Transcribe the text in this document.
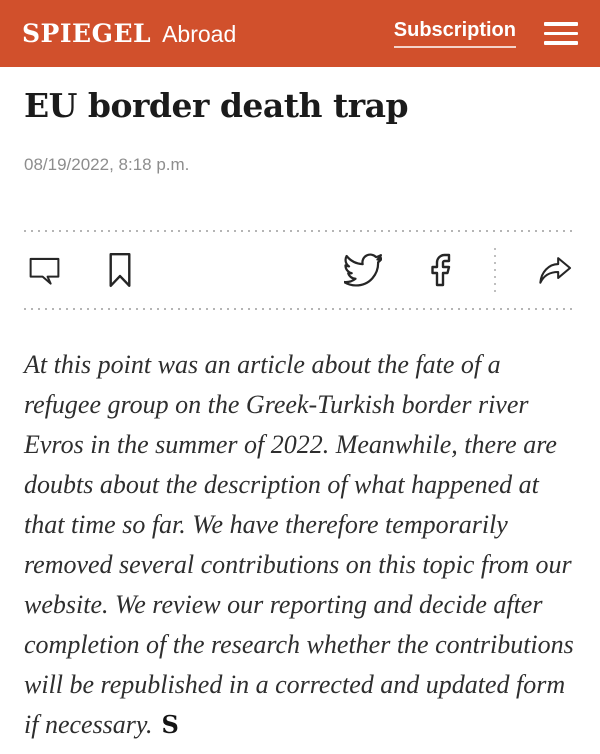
SPIEGEL Abroad	Subscription
EU border death trap
08/19/2022, 8:18 p.m.

At this point was an article about the fate of a refugee group on the Greek-Turkish border river Evros in the summer of 2022. Meanwhile, there are doubts about the description of what happened at that time so far. We have therefore temporarily removed several contributions on this topic from our website. We review our reporting and decide after completion of the research whether the contributions will be republished in a corrected and updated form if necessary. S
